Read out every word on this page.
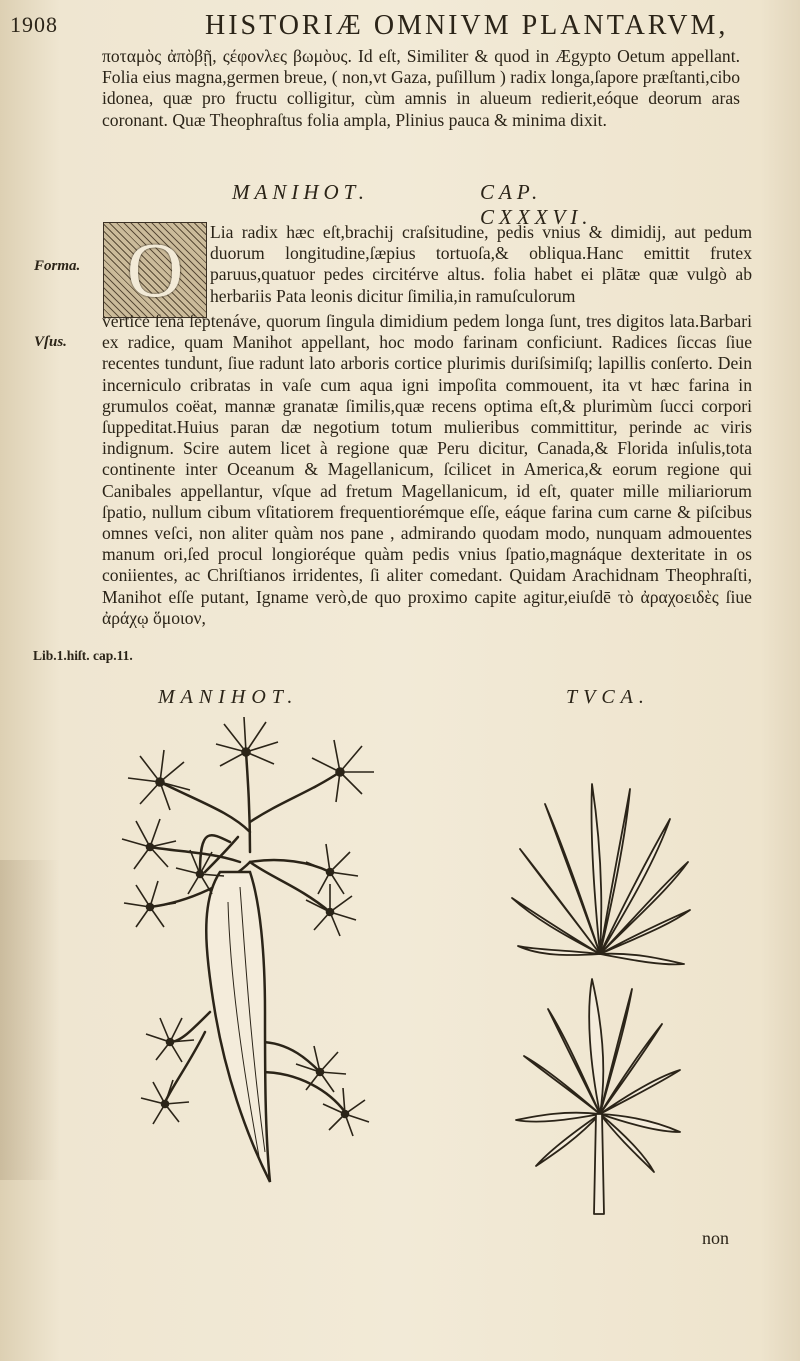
1908	HISTORIÆ OMNIVM PLANTARVM,

ποταμὸς ἀπὸβῇ, ςέφονλες βωμὸυς. Id eſt, Similiter & quod in Ægypto Oetum appellant. Folia eius magna,germen breue, ( non,vt Gaza, puſillum ) radix longa,ſapore præſtanti,cibo idonea, quæ pro fructu colligitur, cùm amnis in alueum redierit,eóque deorum aras coronant. Quæ Theophraſtus folia ampla, Plinius pauca & minima dixit.

MANIHOT.	CAP. CXXXVI.
O	Lia radix hæc eſt,brachij craſsitudine, pedis vnius & dimidij, aut pedum duorum longitudine,ſæpius tortuoſa,& obliqua.Hanc emittit frutex paruus,quatuor pedes circitérve altus. folia habet ei plātæ quæ vulgò ab herbariis Pata leonis dicitur ſimilia,in ramuſculorum

vertice ſena ſeptenáve, quorum ſingula dimidium pedem longa ſunt, tres digitos lata.Barbari ex radice, quam Manihot appellant, hoc modo farinam conficiunt. Radices ſiccas ſiue recentes tundunt, ſiue radunt lato arboris cortice plurimis duriſsimiſq; lapillis conſerto. Dein incerniculo cribratas in vaſe cum aqua igni impoſita commouent, ita vt hæc farina in grumulos coëat, mannæ granatæ ſimilis,quæ recens optima eſt,& plurimùm ſucci corpori ſuppeditat.Huius paran dæ negotium totum mulieribus committitur, perinde ac viris indignum. Scire autem licet à regione quæ Peru dicitur, Canada,& Florida inſulis,tota continente inter Oceanum & Magellanicum, ſcilicet in America,& eorum regione qui Canibales appellantur, vſque ad fretum Magellanicum, id eſt, quater mille miliariorum ſpatio, nullum cibum vſitatiorem frequentiorémque eſſe, eáque farina cum carne & piſcibus omnes veſci, non aliter quàm nos pane , admirando quodam modo, nunquam admouentes manum ori,ſed procul longioréque quàm pedis vnius ſpatio,magnáque dexteritate in os coniientes, ac Chriſtianos irridentes, ſi aliter comedant. Quidam Arachidnam Theophraſti, Manihot eſſe putant, Igname verò,de quo proximo capite agitur,eiuſdē τὸ ἀραχοειδὲς ſiue ἀράχῳ ὅμοιον,

Forma.
Vſus.
Lib.1.hiſt. cap.11.
MANIHOT.	TVCA.
non
